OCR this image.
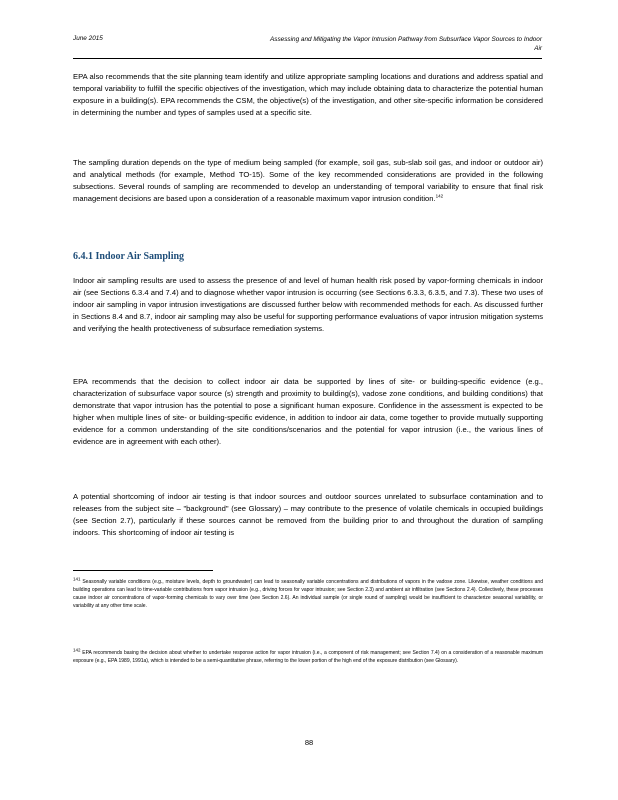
June 2015	Assessing and Mitigating the Vapor Intrusion Pathway from Subsurface Vapor Sources to Indoor Air

EPA also recommends that the site planning team identify and utilize appropriate sampling locations and durations and address spatial and temporal variability to fulfill the specific objectives of the investigation, which may include obtaining data to characterize the potential human exposure in a building(s). EPA recommends the CSM, the objective(s) of the investigation, and other site-specific information be considered in determining the number and types of samples used at a specific site.

The sampling duration depends on the type of medium being sampled (for example, soil gas, sub-slab soil gas, and indoor or outdoor air) and analytical methods (for example, Method TO-15). Some of the key recommended considerations are provided in the following subsections. Several rounds of sampling are recommended to develop an understanding of temporal variability to ensure that final risk management decisions are based upon a consideration of a reasonable maximum vapor intrusion condition.$^{142}$

6.4.1 Indoor Air Sampling

Indoor air sampling results are used to assess the presence of and level of human health risk posed by vapor-forming chemicals in indoor air (see Sections 6.3.4 and 7.4) and to diagnose whether vapor intrusion is occurring (see Sections 6.3.3, 6.3.5, and 7.3). These two uses of indoor air sampling in vapor intrusion investigations are discussed further below with recommended methods for each. As discussed further in Sections 8.4 and 8.7, indoor air sampling may also be useful for supporting performance evaluations of vapor intrusion mitigation systems and verifying the health protectiveness of subsurface remediation systems.

EPA recommends that the decision to collect indoor air data be supported by lines of site- or building-specific evidence (e.g., characterization of subsurface vapor source (s) strength and proximity to building(s), vadose zone conditions, and building conditions) that demonstrate that vapor intrusion has the potential to pose a significant human exposure. Confidence in the assessment is expected to be higher when multiple lines of site- or building-specific evidence, in addition to indoor air data, come together to provide mutually supporting evidence for a common understanding of the site conditions/scenarios and the potential for vapor intrusion (i.e., the various lines of evidence are in agreement with each other).

A potential shortcoming of indoor air testing is that indoor sources and outdoor sources unrelated to subsurface contamination and to releases from the subject site – "background" (see Glossary) – may contribute to the presence of volatile chemicals in occupied buildings (see Section 2.7), particularly if these sources cannot be removed from the building prior to and throughout the duration of sampling indoors. This shortcoming of indoor air testing is

$^{141}$ Seasonally variable conditions (e.g., moisture levels, depth to groundwater) can lead to seasonally variable concentrations and distributions of vapors in the vadose zone. Likewise, weather conditions and building operations can lead to time-variable contributions from vapor intrusion (e.g., driving forces for vapor intrusion; see Section 2.3) and ambient air infiltration (see Sections 2.4). Collectively, these processes cause indoor air concentrations of vapor-forming chemicals to vary over time (see Section 2.6). An individual sample (or single round of sampling) would be insufficient to characterize seasonal variability, or variability at any other time scale.

$^{142}$ EPA recommends basing the decision about whether to undertake response action for vapor intrusion (i.e., a component of risk management; see Section 7.4) on a consideration of a reasonable maximum exposure (e.g., EPA 1989, 1991a), which is intended to be a semi-quantitative phrase, referring to the lower portion of the high end of the exposure distribution (see Glossary).

88
